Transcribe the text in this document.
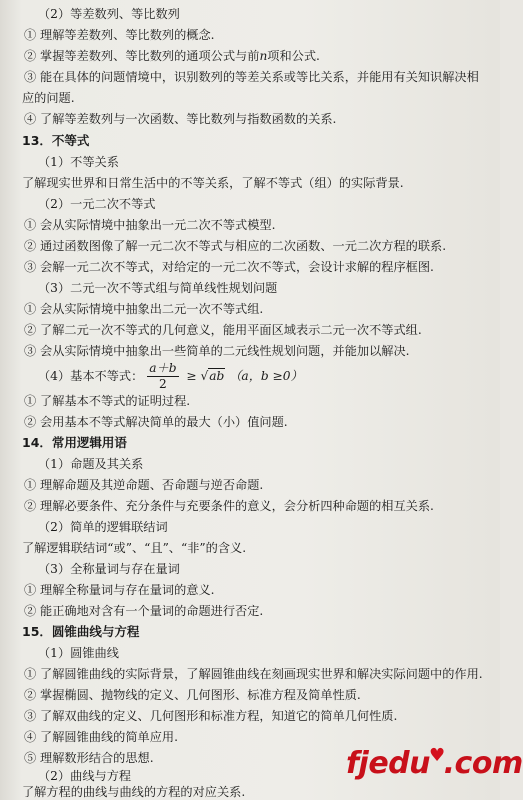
（2）等差数列、等比数列
① 理解等差数列、等比数列的概念.
② 掌握等差数列、等比数列的通项公式与前n项和公式.
③ 能在具体的问题情境中，识别数列的等差关系或等比关系，并能用有关知识解决相
应的问题.
④ 了解等差数列与一次函数、等比数列与指数函数的关系.
13．不等式
（1）不等关系
了解现实世界和日常生活中的不等关系，了解不等式（组）的实际背景.
（2）一元二次不等式
① 会从实际情境中抽象出一元二次不等式模型.
② 通过函数图像了解一元二次不等式与相应的二次函数、一元二次方程的联系.
③ 会解一元二次不等式，对给定的一元二次不等式，会设计求解的程序框图.
（3）二元一次不等式组与简单线性规划问题
① 会从实际情境中抽象出二元一次不等式组.
② 了解二元一次不等式的几何意义，能用平面区域表示二元一次不等式组.
③ 会从实际情境中抽象出一些简单的二元线性规划问题，并能加以解决.
（4）基本不等式： $\frac{a+b}{2} \ge √ab$ （a，b ≥0）
① 了解基本不等式的证明过程.
② 会用基本不等式解决简单的最大（小）值问题.
14．常用逻辑用语
（1）命题及其关系
① 理解命题及其逆命题、否命题与逆否命题.
② 理解必要条件、充分条件与充要条件的意义，会分析四种命题的相互关系.
（2）简单的逻辑联结词
了解逻辑联结词“或”、“且”、“非”的含义.
（3）全称量词与存在量词
① 理解全称量词与存在量词的意义.
② 能正确地对含有一个量词的命题进行否定.
15．圆锥曲线与方程
（1）圆锥曲线
① 了解圆锥曲线的实际背景，了解圆锥曲线在刻画现实世界和解决实际问题中的作用.
② 掌握椭圆、抛物线的定义、几何图形、标准方程及简单性质.
③ 了解双曲线的定义、几何图形和标准方程，知道它的简单几何性质.
④ 了解圆锥曲线的简单应用.
⑤ 理解数形结合的思想.
（2）曲线与方程
了解方程的曲线与曲线的方程的对应关系.
fjedu♥.com
